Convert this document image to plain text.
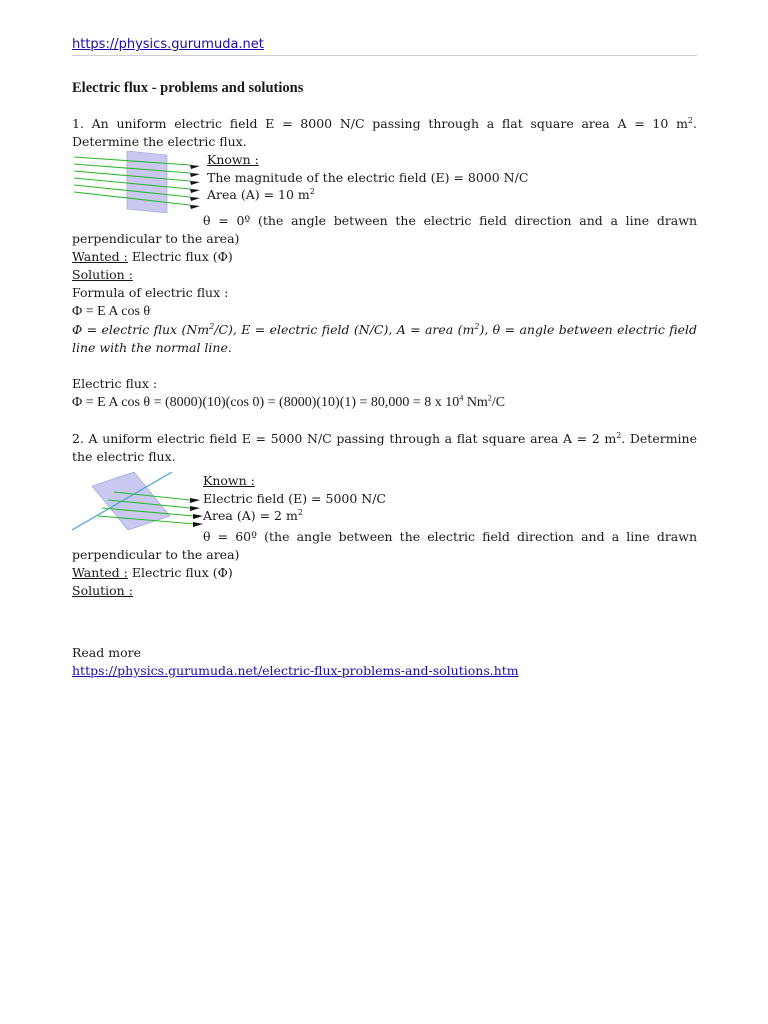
https://physics.gurumuda.net
Electric flux - problems and solutions
1. An uniform electric field E = 8000 N/C passing through a flat square area A = 10 $m^2$. Determine the electric flux.
Known :
The magnitude of the electric field (E) = 8000 N/C
Area (A) = 10 $m^2$
θ = 0º (the angle between the electric field direction and a line drawn perpendicular to the area)
Wanted : Electric flux (Φ)
Solution :
Formula of electric flux :
Φ = E A cos θ
Φ = electric flux (Nm$^2$/C), E = electric field (N/C), A = area $(m^2)$, θ = angle between electric field line with the normal line.
Electric flux :
Φ = E A cos θ = (8000)(10)(cos 0) = (8000)(10)(1) = 80,000 = 8 x $10^4$ Nm$^2$/C
2. A uniform electric field E = 5000 N/C passing through a flat square area A = 2 $m^2$. Determine the electric flux.
Known :
Electric field (E) = 5000 N/C
Area (A) = 2 $m^2$
θ = 60º (the angle between the electric field direction and a line drawn perpendicular to the area)
Wanted : Electric flux (Φ)
Solution :
Read more
https://physics.gurumuda.net/electric-flux-problems-and-solutions.htm
